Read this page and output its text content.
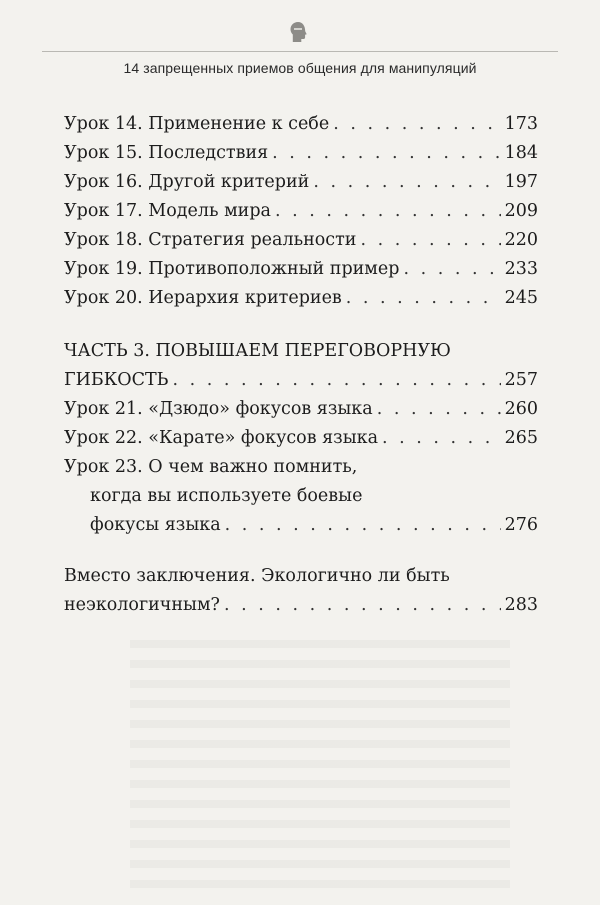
14 запрещенных приемов общения для манипуляций
Урок 14. Применение к себе . . .	173
Урок 15. Последствия . . .	184
Урок 16. Другой критерий . . .	197
Урок 17. Модель мира . . .	209
Урок 18. Стратегия реальности . . .	220
Урок 19. Противоположный пример . . .	233
Урок 20. Иерархия критериев . . .	245
ЧАСТЬ 3. ПОВЫШАЕМ ПЕРЕГОВОРНУЮ
ГИБКОСТЬ . . .	257
Урок 21. «Дзюдо» фокусов языка . . .	260
Урок 22. «Карате» фокусов языка . . .	265
Урок 23. О чем важно помнить,
когда вы используете боевые
фокусы языка . . .	276
Вместо заключения. Экологично ли быть
неэкологичным? . . .	283
